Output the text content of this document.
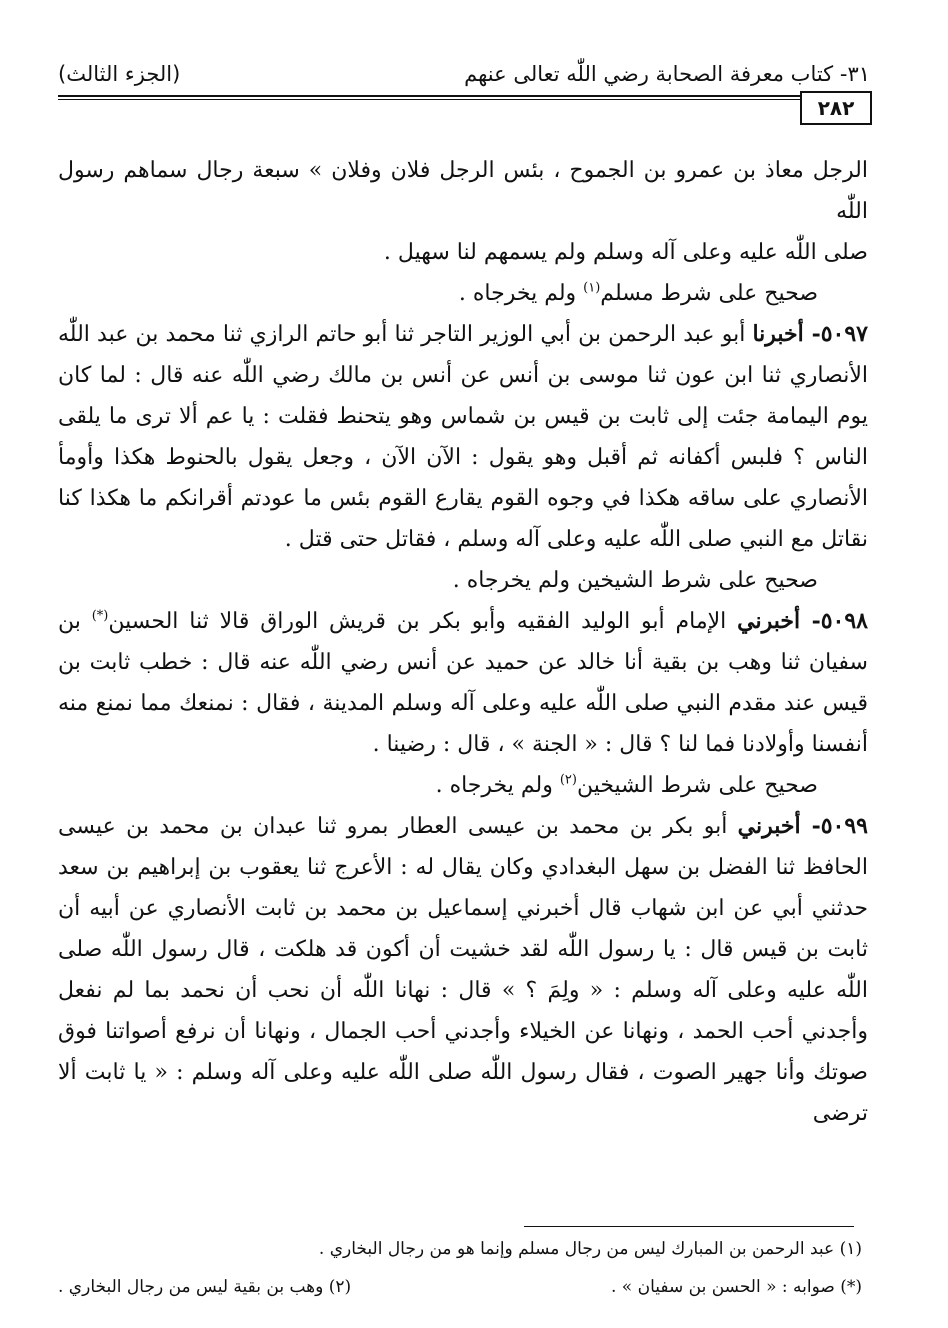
٣١- كتاب معرفة الصحابة رضي اللّٰه تعالى عنهم
(الجزء الثالث)
٢٨٢

الرجل معاذ بن عمرو بن الجموح ، بئس الرجل فلان وفلان » سبعة رجال سماهم رسول اللّٰه
صلى اللّٰه عليه وعلى آله وسلم ولم يسمهم لنا سهيل .

صحيح على شرط مسلم$^{(١)}$ ولم يخرجاه .

٥٠٩٧- أخبرنا أبو عبد الرحمن بن أبي الوزير التاجر ثنا أبو حاتم الرازي ثنا محمد بن عبد اللّٰه الأنصاري ثنا ابن عون ثنا موسى بن أنس عن أنس بن مالك رضي اللّٰه عنه قال : لما كان يوم اليمامة جئت إلى ثابت بن قيس بن شماس وهو يتحنط فقلت : يا عم ألا ترى ما يلقى الناس ؟ فلبس أكفانه ثم أقبل وهو يقول : الآن الآن ، وجعل يقول بالحنوط هكذا وأومأ الأنصاري على ساقه هكذا في وجوه القوم يقارع القوم بئس ما عودتم أقرانكم ما هكذا كنا نقاتل مع النبي صلى اللّٰه عليه وعلى آله وسلم ، فقاتل حتى قتل .

صحيح على شرط الشيخين ولم يخرجاه .

٥٠٩٨- أخبرني الإمام أبو الوليد الفقيه وأبو بكر بن قريش الوراق قالا ثنا الحسين(*) بن سفيان ثنا وهب بن بقية أنا خالد عن حميد عن أنس رضي اللّٰه عنه قال : خطب ثابت بن قيس عند مقدم النبي صلى اللّٰه عليه وعلى آله وسلم المدينة ، فقال : نمنعك مما نمنع منه أنفسنا وأولادنا فما لنا ؟ قال : « الجنة » ، قال : رضينا .

صحيح على شرط الشيخين$^{(٢)}$ ولم يخرجاه .

٥٠٩٩- أخبرني أبو بكر بن محمد بن عيسى العطار بمرو ثنا عبدان بن محمد بن عيسى الحافظ ثنا الفضل بن سهل البغدادي وكان يقال له : الأعرج ثنا يعقوب بن إبراهيم بن سعد حدثني أبي عن ابن شهاب قال أخبرني إسماعيل بن محمد بن ثابت الأنصاري عن أبيه أن ثابت بن قيس قال : يا رسول اللّٰه لقد خشيت أن أكون قد هلكت ، قال رسول اللّٰه صلى اللّٰه عليه وعلى آله وسلم : « ولِمَ ؟ » قال : نهانا اللّٰه أن نحب أن نحمد بما لم نفعل وأجدني أحب الحمد ، ونهانا عن الخيلاء وأجدني أحب الجمال ، ونهانا أن نرفع أصواتنا فوق صوتك وأنا جهير الصوت ، فقال رسول اللّٰه صلى اللّٰه عليه وعلى آله وسلم : « يا ثابت ألا ترضى

(١) عبد الرحمن بن المبارك ليس من رجال مسلم وإنما هو من رجال البخاري .
(*) صوابه : « الحسن بن سفيان » .
(٢) وهب بن بقية ليس من رجال البخاري .
